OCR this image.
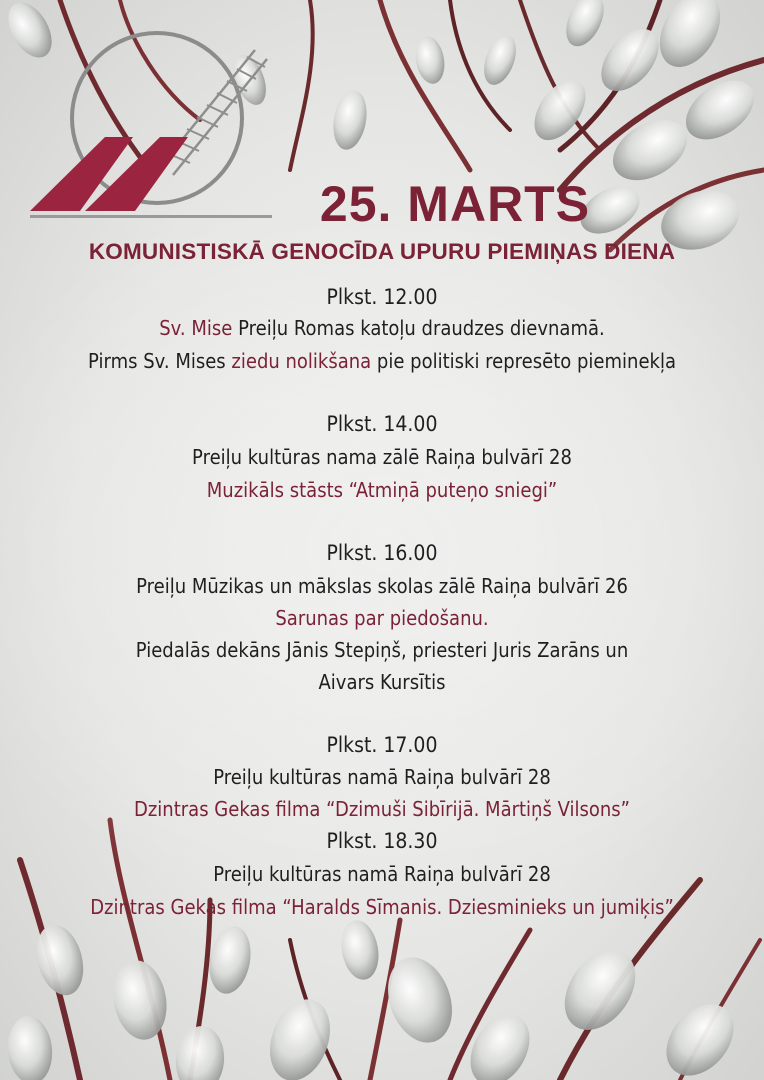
25. MARTS
KOMUNISTISKĀ GENOCĪDA UPURU PIEMIŅAS DIENA
Plkst. 12.00
Sv. Mise Preiļu Romas katoļu draudzes dievnamā.
Pirms Sv. Mises ziedu nolikšana pie politiski represēto pieminekļa
Plkst. 14.00
Preiļu kultūras nama zālē Raiņa bulvārī 28
Muzikāls stāsts “Atmiņā puteņo sniegi”
Plkst. 16.00
Preiļu Mūzikas un mākslas skolas zālē Raiņa bulvārī 26
Sarunas par piedošanu.
Piedalās dekāns Jānis Stepiņš, priesteri Juris Zarāns un
Aivars Kursītis
Plkst. 17.00
Preiļu kultūras namā Raiņa bulvārī 28
Dzintras Gekas filma “Dzimuši Sibīrijā. Mārtiņš Vilsons”
Plkst. 18.30
Preiļu kultūras namā Raiņa bulvārī 28
Dzintras Gekas filma “Haralds Sīmanis. Dziesminieks un jumiķis”
